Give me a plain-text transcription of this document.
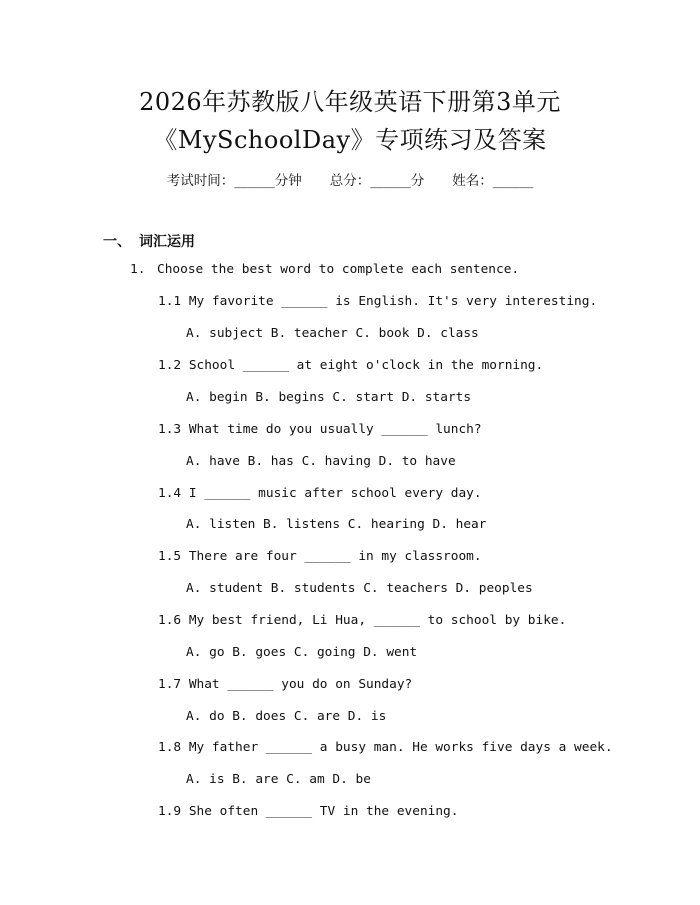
2026年苏教版八年级英语下册第3单元
《MySchoolDay》专项练习及答案
考试时间：______分钟 总分：______分 姓名：______
一、 词汇运用
1. Choose the best word to complete each sentence.
1.1 My favorite ______ is English. It's very interesting.
A. subject B. teacher C. book D. class
1.2 School ______ at eight o'clock in the morning.
A. begin B. begins C. start D. starts
1.3 What time do you usually ______ lunch?
A. have B. has C. having D. to have
1.4 I ______ music after school every day.
A. listen B. listens C. hearing D. hear
1.5 There are four ______ in my classroom.
A. student B. students C. teachers D. peoples
1.6 My best friend, Li Hua, ______ to school by bike.
A. go B. goes C. going D. went
1.7 What ______ you do on Sunday?
A. do B. does C. are D. is
1.8 My father ______ a busy man. He works five days a week.
A. is B. are C. am D. be
1.9 She often ______ TV in the evening.
